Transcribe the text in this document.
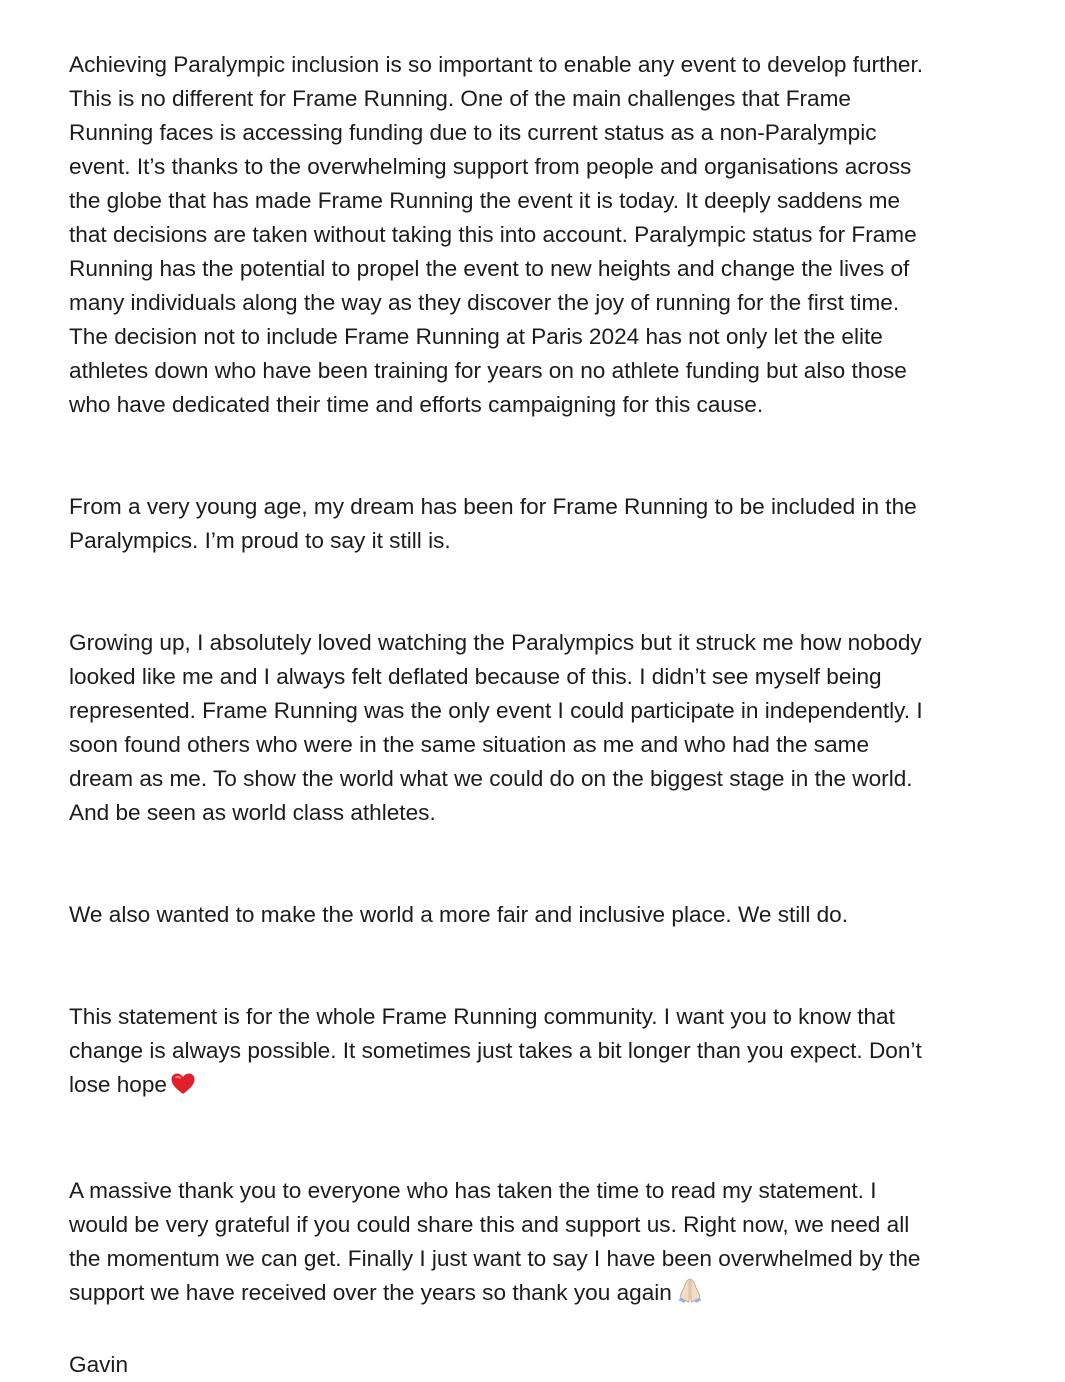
Achieving Paralympic inclusion is so important to enable any event to develop further.
This is no different for Frame Running. One of the main challenges that Frame
Running faces is accessing funding due to its current status as a non-Paralympic
event. It’s thanks to the overwhelming support from people and organisations across
the globe that has made Frame Running the event it is today. It deeply saddens me
that decisions are taken without taking this into account. Paralympic status for Frame
Running has the potential to propel the event to new heights and change the lives of
many individuals along the way as they discover the joy of running for the first time.
The decision not to include Frame Running at Paris 2024 has not only let the elite
athletes down who have been training for years on no athlete funding but also those
who have dedicated their time and efforts campaigning for this cause.

From a very young age, my dream has been for Frame Running to be included in the
Paralympics. I’m proud to say it still is.

Growing up, I absolutely loved watching the Paralympics but it struck me how nobody
looked like me and I always felt deflated because of this. I didn’t see myself being
represented. Frame Running was the only event I could participate in independently. I
soon found others who were in the same situation as me and who had the same
dream as me. To show the world what we could do on the biggest stage in the world.
And be seen as world class athletes.

We also wanted to make the world a more fair and inclusive place. We still do.

This statement is for the whole Frame Running community. I want you to know that
change is always possible. It sometimes just takes a bit longer than you expect. Don’t
lose hope

A massive thank you to everyone who has taken the time to read my statement. I
would be very grateful if you could share this and support us. Right now, we need all
the momentum we can get. Finally I just want to say I have been overwhelmed by the
support we have received over the years so thank you again

Gavin
